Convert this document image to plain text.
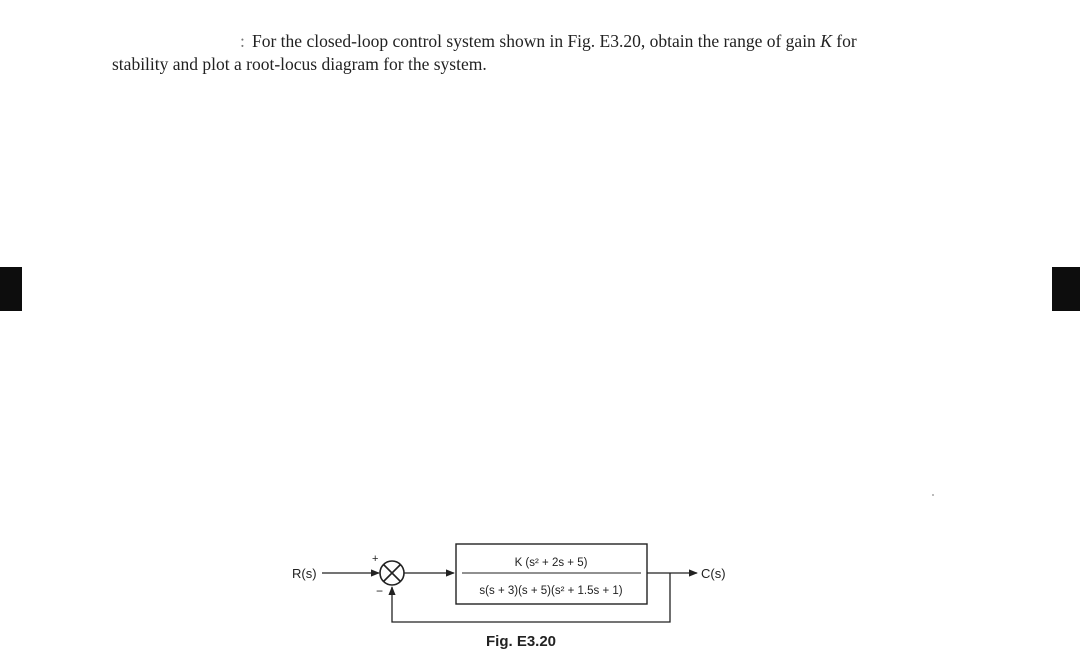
: For the closed-loop control system shown in Fig. E3.20, obtain the range of gain K for
stability and plot a root-locus diagram for the system.
R(s)
+
−
K (s² + 2s + 5)
s(s + 3)(s + 5)(s² + 1.5s + 1)
C(s)
Fig. E3.20
